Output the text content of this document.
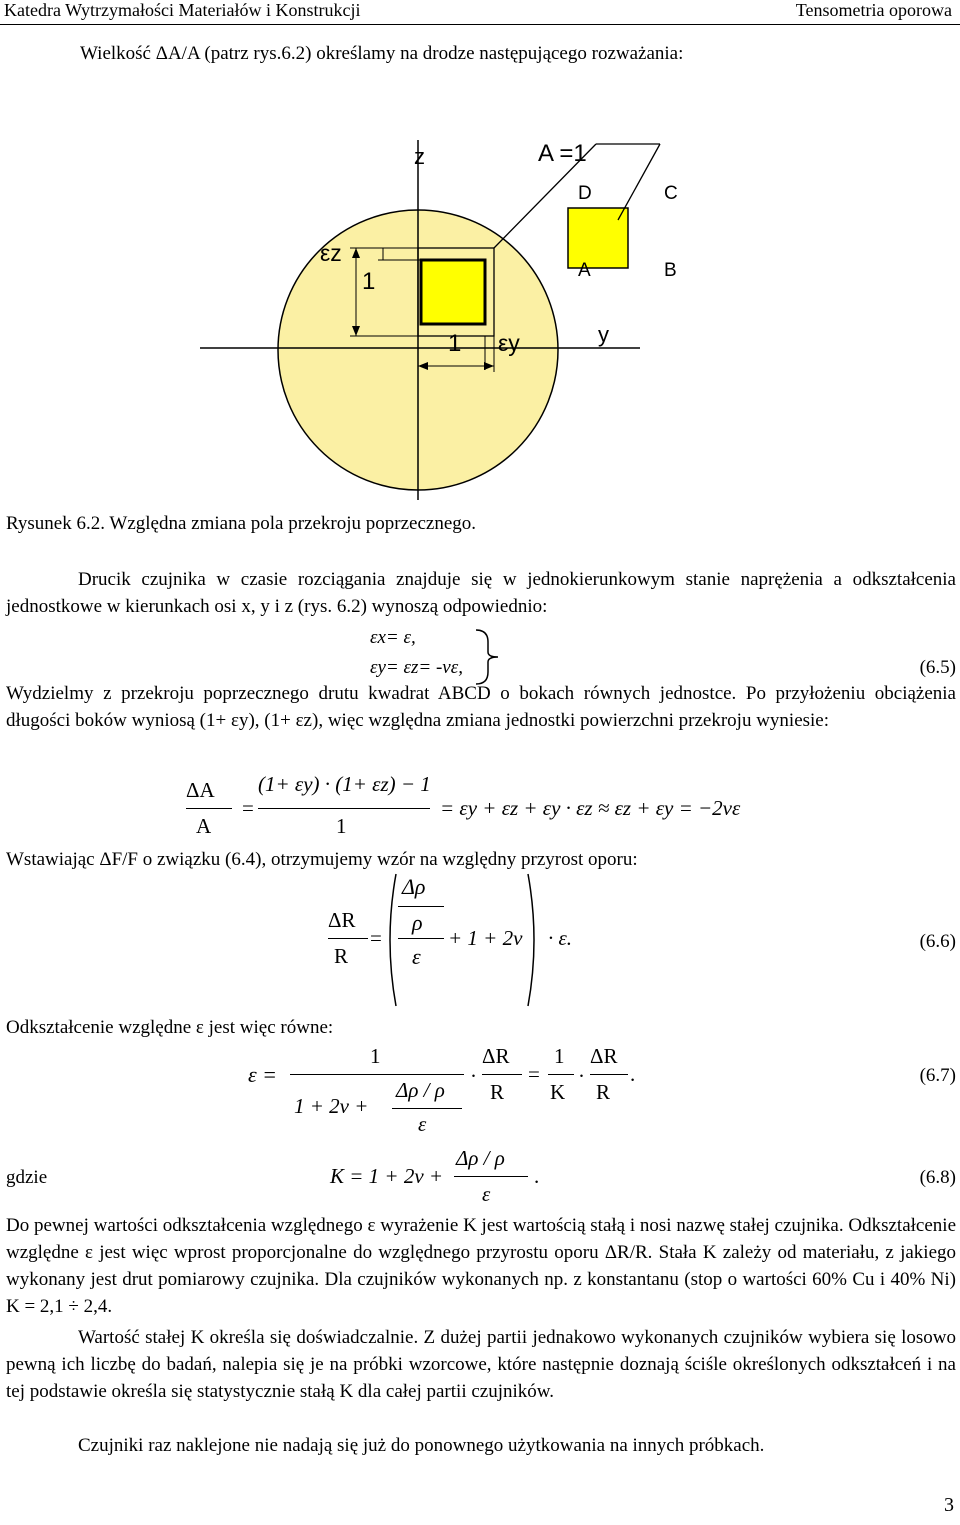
Katedra Wytrzymałości Materiałów i Konstrukcji	Tensometria oporowa
Wielkość ΔA/A (patrz rys.6.2) określamy na drodze następującego rozważania:
z	A =1
D	C
A	B
y
εz
1
1 εy
Rysunek 6.2. Względna zmiana pola przekroju poprzecznego.
Drucik czujnika w czasie rozciągania znajduje się w jednokierunkowym stanie naprężenia a odkształcenia jednostkowe w kierunkach osi x, y i z (rys. 6.2) wynoszą odpowiednio:
εx= ε,
εy= εz= -νε,	(6.5)
Wydzielmy z przekroju poprzecznego drutu kwadrat ABCD o bokach równych jednostce. Po przyłożeniu obciążenia długości boków wyniosą (1+ εy), (1+ εz), więc względna zmiana jednostki powierzchni przekroju wyniesie:
ΔA
A
=
(1+ εy) · (1+ εz) − 1
1
= εy + εz + εy · εz ≈ εz + εy = −2νε
Wstawiając ΔF/F o związku (6.4), otrzymujemy wzór na względny przyrost oporu:
ΔR
R
=
Δρ
ρ
ε
+ 1 + 2ν · ε.	(6.6)
Odkształcenie względne ε jest więc równe:
ε =
1
1 + 2ν +
Δρ / ρ
ε
·
ΔR
R
=
1
K
·
ΔR
R
.	(6.7)
gdzie	K = 1 + 2ν +
Δρ / ρ
ε
.	(6.8)
Do pewnej wartości odkształcenia względnego ε wyrażenie K jest wartością stałą i nosi nazwę stałej czujnika. Odkształcenie względne ε jest więc wprost proporcjonalne do względnego przyrostu oporu ΔR/R. Stała K zależy od materiału, z jakiego wykonany jest drut pomiarowy czujnika. Dla czujników wykonanych np. z konstantanu (stop o wartości 60% Cu i 40% Ni) K = 2,1 ÷ 2,4.
Wartość stałej K określa się doświadczalnie. Z dużej partii jednakowo wykonanych czujników wybiera się losowo pewną ich liczbę do badań, nalepia się je na próbki wzorcowe, które następnie doznają ściśle określonych odkształceń i na tej podstawie określa się statystycznie stałą K dla całej partii czujników.
Czujniki raz naklejone nie nadają się już do ponownego użytkowania na innych próbkach.
3
